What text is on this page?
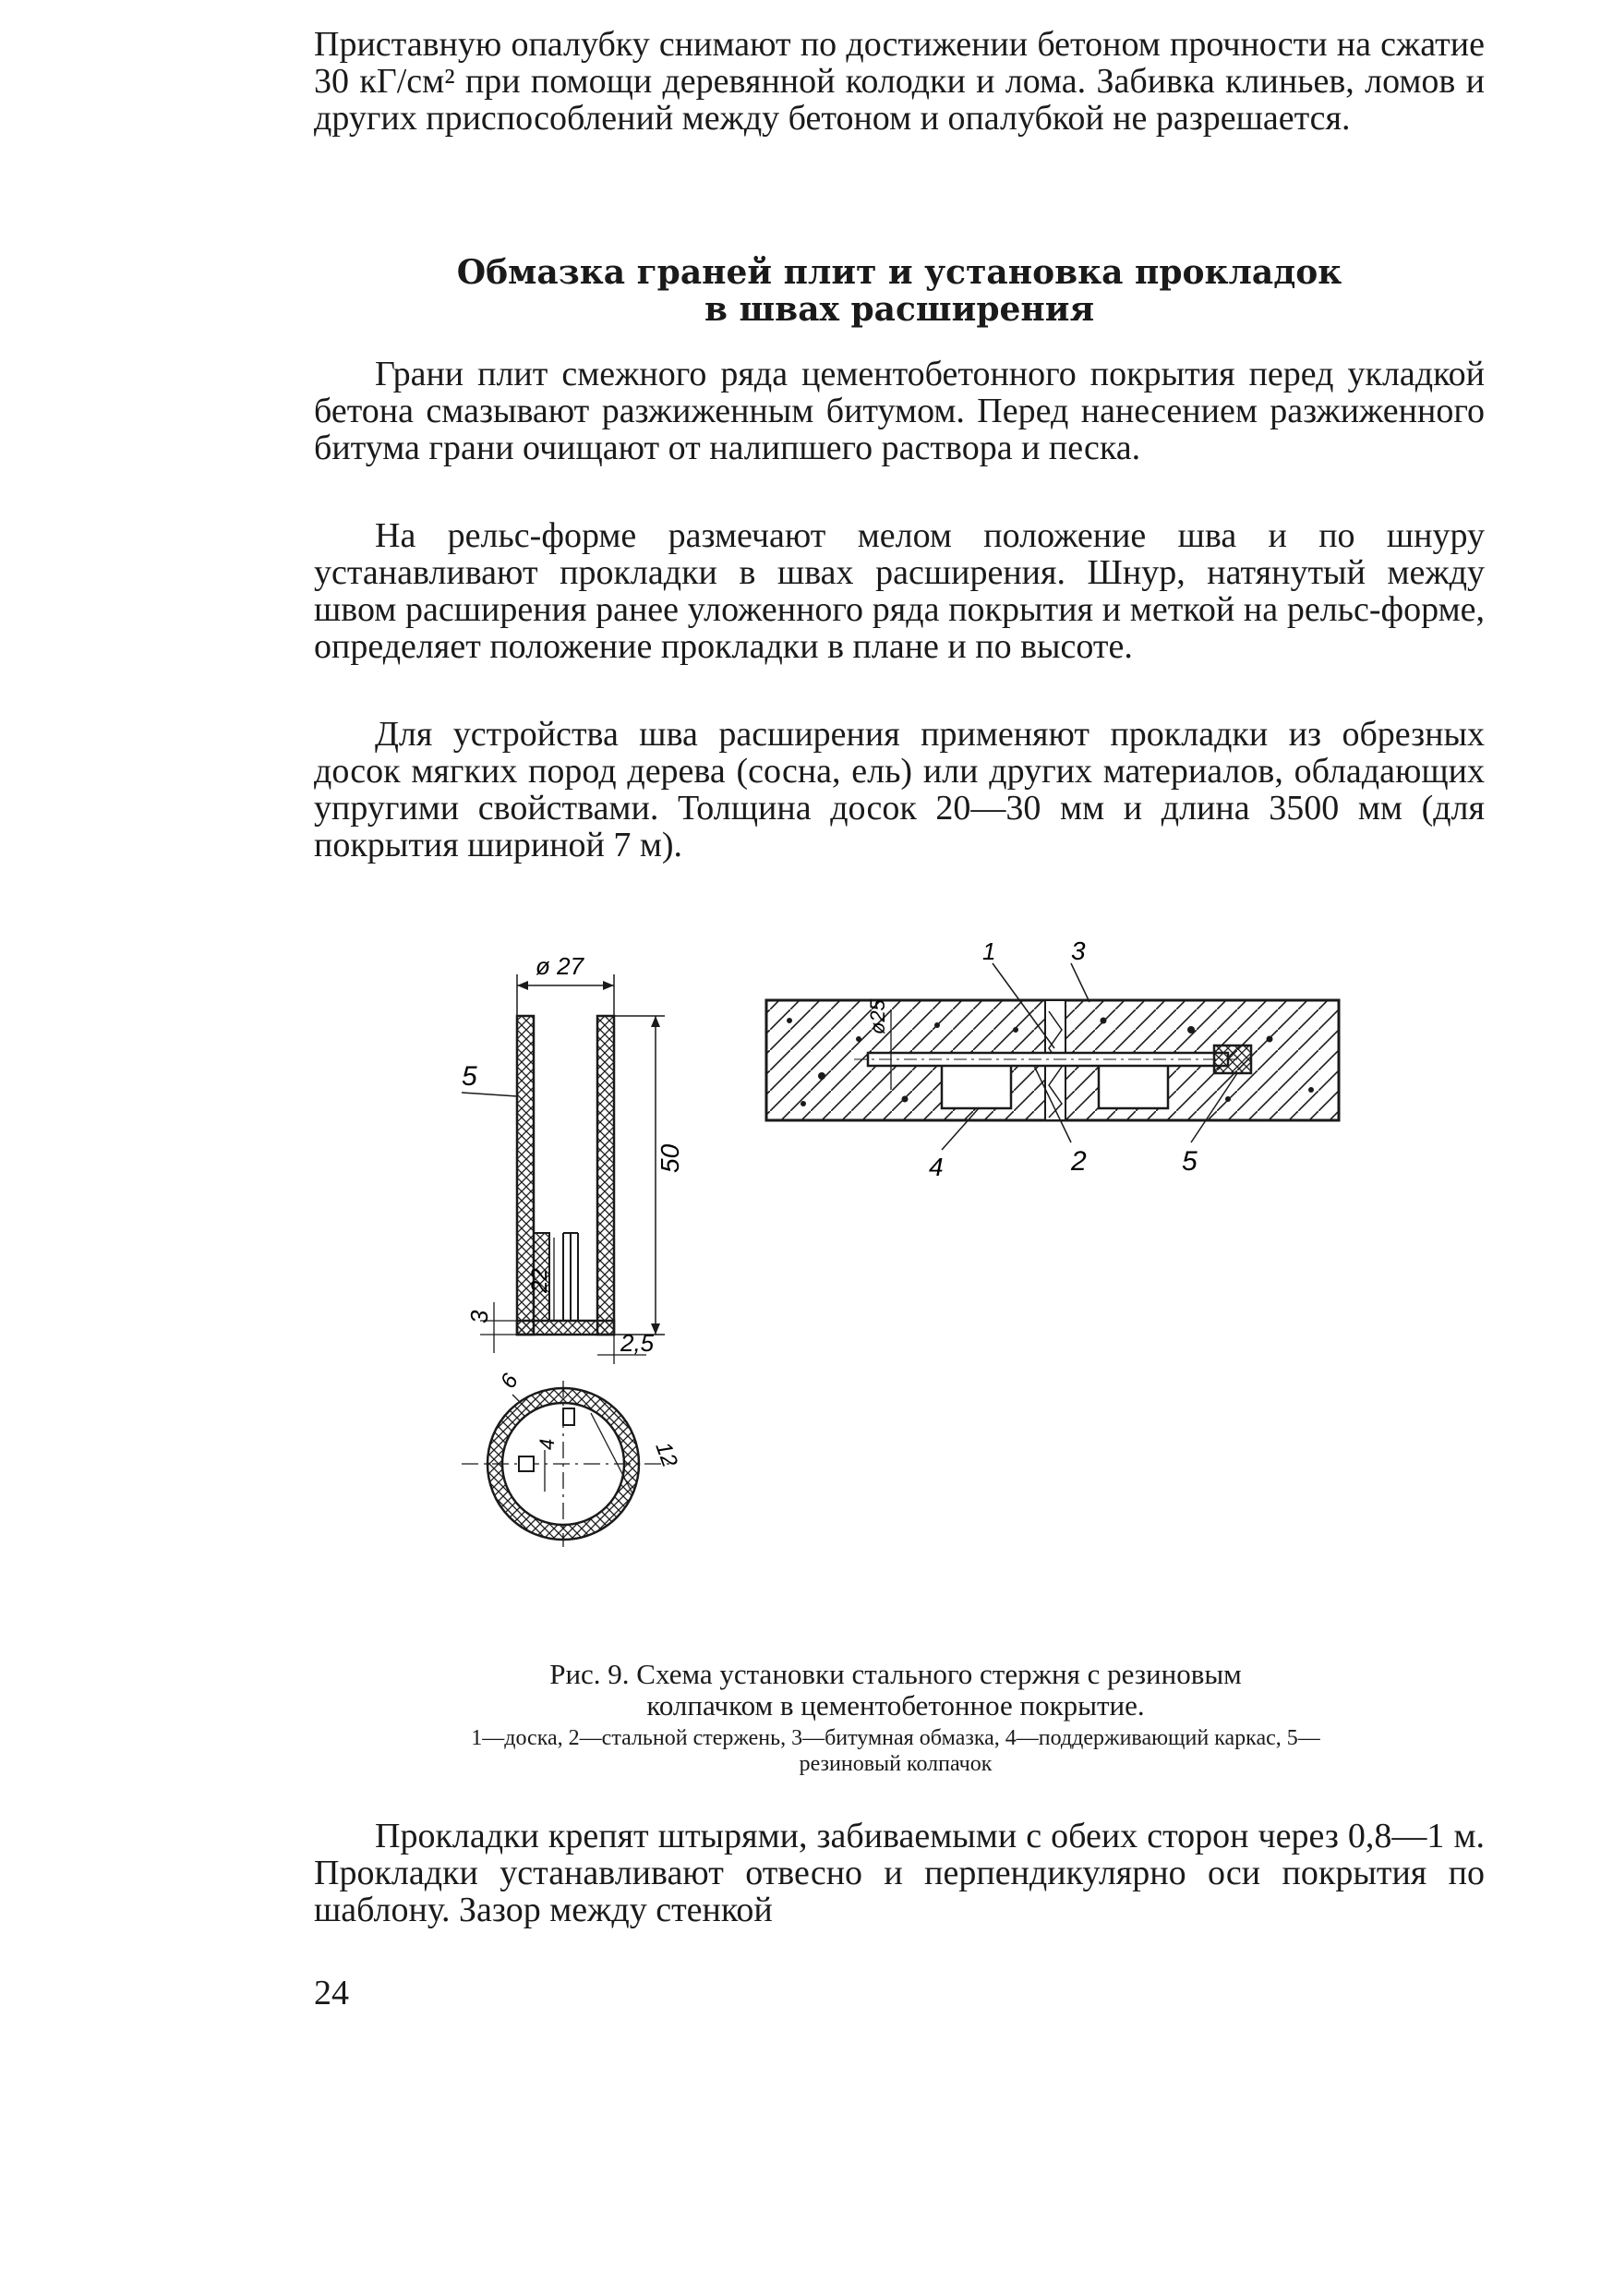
Приставную опалубку снимают по достижении бетоном прочности на сжатие 30 кГ/см² при помощи деревянной колодки и лома. Забивка клиньев, ломов и других приспособлений между бетоном и опалубкой не разрешается.

Обмазка граней плит и установка прокладок
в швах расширения

Грани плит смежного ряда цементобетонного покрытия перед укладкой бетона смазывают разжиженным битумом. Перед нанесением разжиженного битума грани очищают от налипшего раствора и песка.

На рельс-форме размечают мелом положение шва и по шнуру устанавливают прокладки в швах расширения. Шнур, натянутый между швом расширения ранее уложенного ряда покрытия и меткой на рельс-форме, определяет положение прокладки в плане и по высоте.

Для устройства шва расширения применяют прокладки из обрезных досок мягких пород дерева (сосна, ель) или других материалов, обладающих упругими свойствами. Толщина досок 20—30 мм и длина 3500 мм (для покрытия шириной 7 м).

ø 27
50
22
3
2,5
5
4
6
12
ø25
1	3
4	2	5

Рис. 9. Схема установки стального стержня с резиновым
колпачком в цементобетонное покрытие.

1—доска, 2—стальной стержень, 3—битумная обмазка, 4—поддерживающий каркас, 5—резиновый колпачок

Прокладки крепят штырями, забиваемыми с обеих сторон через 0,8—1 м. Прокладки устанавливают отвесно и перпендикулярно оси покрытия по шаблону. Зазор между стенкой

24
